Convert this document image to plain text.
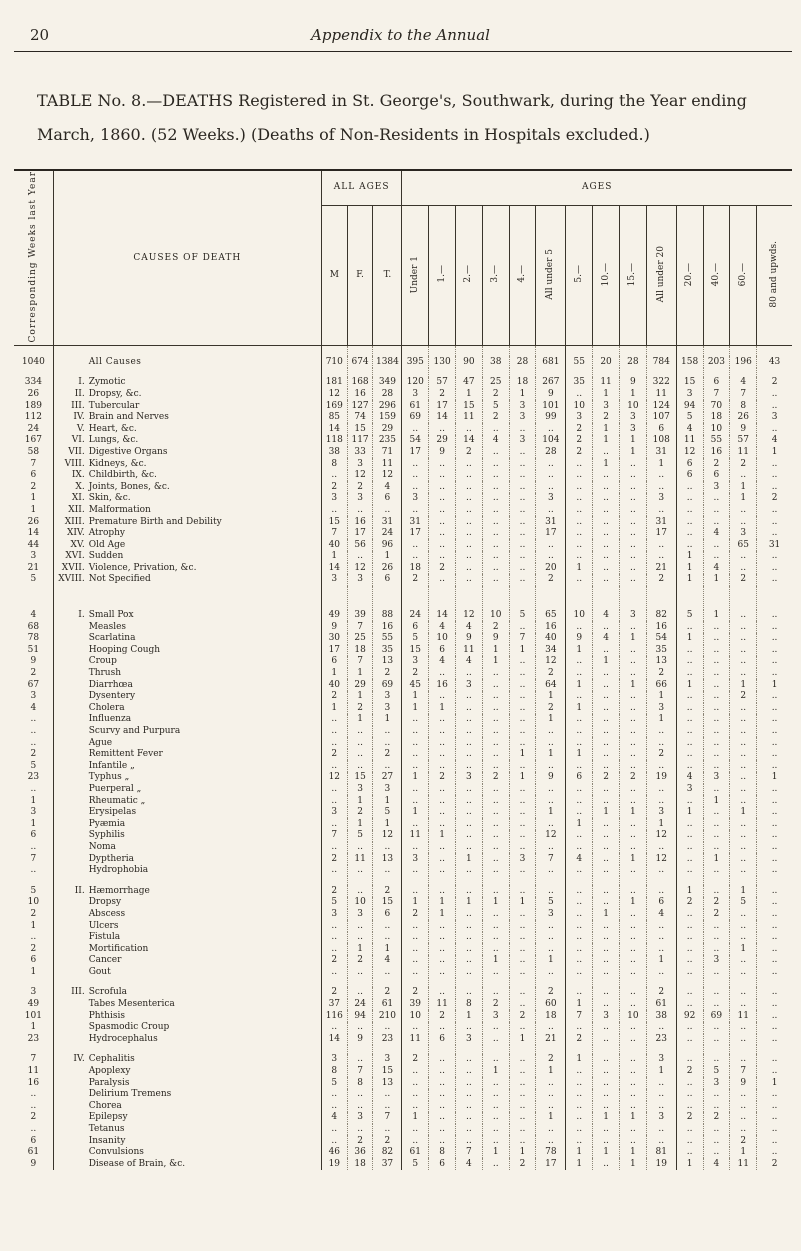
20	Appendix to the Annual
TABLE No. 8.—DEATHS Registered in St. George's, Southwark, during the Year ending March, 1860. (52 Weeks.) (Deaths of Non-Residents in Hospitals excluded.)
Corresponding Weeks last Year	CAUSES OF DEATH	ALL AGES			AGES													
		M	F.	T.	Under 1	1.—	2.—	3.—	4.—	All under 5	5.—	10.—	15.—	All under 20	20.—	40.—	60.—	80 and upwds.

1040	All Causes	710	674	1384	395	130	90	38	28	681	55	20	28	784	158	203	196	43

334	I. Zymotic	181	168	349	120	57	47	25	18	267	35	11	9	322	15	6	4	2
26	II. Dropsy, &c.	12	16	28	3	2	1	2	1	9	..	1	1	11	3	7	7	..
189	III. Tubercular	169	127	296	61	17	15	5	3	101	10	3	10	124	94	70	8	..
112	IV. Brain and Nerves	85	74	159	69	14	11	2	3	99	3	2	3	107	5	18	26	3
24	V. Heart, &c.	14	15	29	..	..	..	..	..	..	2	1	3	6	4	10	9	..
167	VI. Lungs, &c.	118	117	235	54	29	14	4	3	104	2	1	1	108	11	55	57	4
58	VII. Digestive Organs	38	33	71	17	9	2	..	..	28	2	..	1	31	12	16	11	1
7	VIII. Kidneys, &c.	8	3	11	..	..	..	..	..	..	..	1	..	1	6	2	2	..
6	IX. Childbirth, &c.	..	12	12	..	..	..	..	..	..	..	..	..	..	6	6	..	..
2	X. Joints, Bones, &c.	2	2	4	..	..	..	..	..	..	..	..	..	..	..	3	1	..
1	XI. Skin, &c.	3	3	6	3	..	..	..	..	3	..	..	..	3	..	..	1	2
1	XII. Malformation	..	..	..	..	..	..	..	..	..	..	..	..	..	..	..	..	..
26	XIII. Premature Birth and Debility	15	16	31	31	..	..	..	..	31	..	..	..	31	..	..	..	..
14	XIV. Atrophy	7	17	24	17	..	..	..	..	17	..	..	..	17	..	4	3	..
44	XV. Old Age	40	56	96	..	..	..	..	..	..	..	..	..	..	..	..	65	31
3	XVI. Sudden	1	..	1	..	..	..	..	..	..	..	..	..	..	1	..	..	..
21	XVII. Violence, Privation, &c.	14	12	26	18	2	..	..	..	20	1	..	..	21	1	4	..	..
5	XVIII. Not Specified	3	3	6	2	..	..	..	..	2	..	..	..	2	1	1	2	..

4	I. Small Pox	49	39	88	24	14	12	10	5	65	10	4	3	82	5	1	..	..
68	Measles	9	7	16	6	4	4	2	..	16	..	..	..	16	..	..	..	..
78	Scarlatina	30	25	55	5	10	9	9	7	40	9	4	1	54	1	..	..	..
51	Hooping Cough	17	18	35	15	6	11	1	1	34	1	..	..	35	..	..	..	..
9	Croup	6	7	13	3	4	4	1	..	12	..	1	..	13	..	..	..	..
2	Thrush	1	1	2	2	..	..	..	..	2	..	..	..	2	..	..	..	..
67	Diarrhœa	40	29	69	45	16	3	..	..	64	1	..	1	66	1	..	1	1
3	Dysentery	2	1	3	1	..	..	..	..	1	..	..	..	1	..	..	2	..
4	Cholera	1	2	3	1	1	..	..	..	2	1	..	..	3	..	..	..	..
..	Influenza	..	1	1	..	..	..	..	..	1	..	..	..	1	..	..	..	..
..	Scurvy and Purpura	..	..	..	..	..	..	..	..	..	..	..	..	..	..	..	..	..
..	Ague	..	..	..	..	..	..	..	..	..	..	..	..	..	..	..	..	..
2	Remittent Fever	2	..	2	..	..	..	..	1	1	1	..	..	2	..	..	..	..
5	Infantile „	..	..	..	..	..	..	..	..	..	..	..	..	..	..	..	..	..
23	Typhus „	12	15	27	1	2	3	2	1	9	6	2	2	19	4	3	..	1
..	Puerperal „	..	3	3	..	..	..	..	..	..	..	..	..	..	3	..	..	..
1	Rheumatic „	..	1	1	..	..	..	..	..	..	..	..	..	..	..	1	..	..
3	Erysipelas	3	2	5	1	..	..	..	..	1	..	1	1	3	1	..	1	..
1	Pyæmia	..	1	1	..	..	..	..	..	..	1	..	..	1	..	..	..	..
6	Syphilis	7	5	12	11	1	..	..	..	12	..	..	..	12	..	..	..	..
..	Noma	..	..	..	..	..	..	..	..	..	..	..	..	..	..	..	..	..
7	Dyptheria	2	11	13	3	..	1	..	3	7	4	..	1	12	..	1	..	..
..	Hydrophobia	..	..	..	..	..	..	..	..	..	..	..	..	..	..	..	..	..

5	II. Hæmorrhage	2	..	2	..	..	..	..	..	..	..	..	..	..	1	..	1	..
10	Dropsy	5	10	15	1	1	1	1	1	5	..	..	1	6	2	2	5	..
2	Abscess	3	3	6	2	1	..	..	..	3	..	1	..	4	..	2	..	..
1	Ulcers	..	..	..	..	..	..	..	..	..	..	..	..	..	..	..	..	..
..	Fistula	..	..	..	..	..	..	..	..	..	..	..	..	..	..	..	..	..
2	Mortification	..	1	1	..	..	..	..	..	..	..	..	..	..	..	..	1	..
6	Cancer	2	2	4	..	..	..	1	..	1	..	..	..	1	..	3	..	..
1	Gout	..	..	..	..	..	..	..	..	..	..	..	..	..	..	..	..	..

3	III. Scrofula	2	..	2	2	..	..	..	..	2	..	..	..	2	..	..	..	..
49	Tabes Mesenterica	37	24	61	39	11	8	2	..	60	1	..	..	61	..	..	..	..
101	Phthisis	116	94	210	10	2	1	3	2	18	7	3	10	38	92	69	11	..
1	Spasmodic Croup	..	..	..	..	..	..	..	..	..	..	..	..	..	..	..	..	..
23	Hydrocephalus	14	9	23	11	6	3	..	1	21	2	..	..	23	..	..	..	..

7	IV. Cephalitis	3	..	3	2	..	..	..	..	2	1	..	..	3	..	..	..	..
11	Apoplexy	8	7	15	..	..	..	1	..	1	..	..	..	1	2	5	7	..
16	Paralysis	5	8	13	..	..	..	..	..	..	..	..	..	..	..	3	9	1
..	Delirium Tremens	..	..	..	..	..	..	..	..	..	..	..	..	..	..	..	..	..
..	Chorea	..	..	..	..	..	..	..	..	..	..	..	..	..	..	..	..	..
2	Epilepsy	4	3	7	1	..	..	..	..	1	..	1	1	3	2	2	..	..
..	Tetanus	..	..	..	..	..	..	..	..	..	..	..	..	..	..	..	..	..
6	Insanity	..	2	2	..	..	..	..	..	..	..	..	..	..	..	..	2	..
61	Convulsions	46	36	82	61	8	7	1	1	78	1	1	1	81	..	..	1	..
9	Disease of Brain, &c.	19	18	37	5	6	4	..	2	17	1	..	1	19	1	4	11	2
